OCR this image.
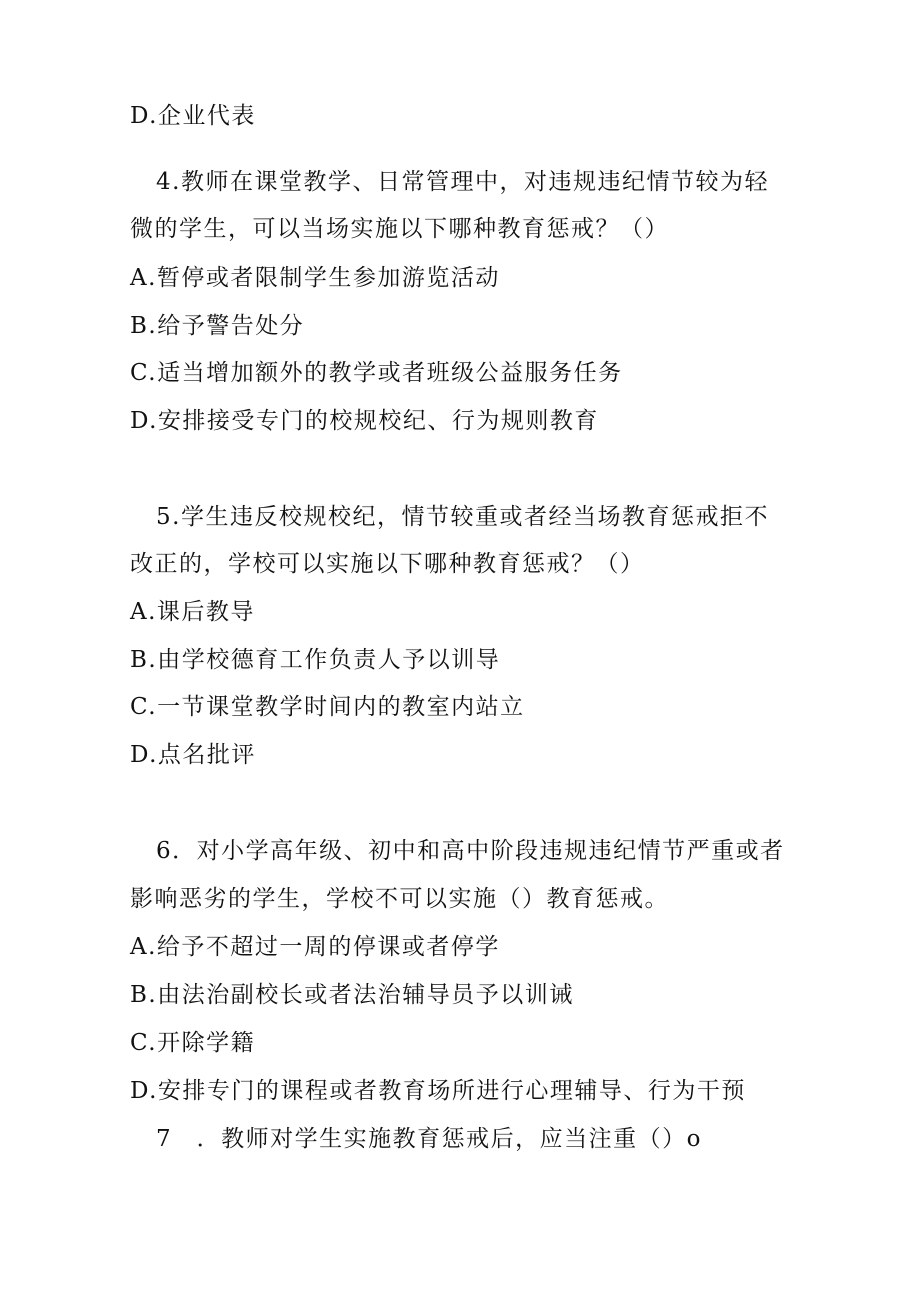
D.企业代表
4.教师在课堂教学、日常管理中，对违规违纪情节较为轻
微的学生，可以当场实施以下哪种教育惩戒？（）
A.暂停或者限制学生参加游览活动
B.给予警告处分
C.适当增加额外的教学或者班级公益服务任务
D.安排接受专门的校规校纪、行为规则教育
5.学生违反校规校纪，情节较重或者经当场教育惩戒拒不
改正的，学校可以实施以下哪种教育惩戒？（）
A.课后教导
B.由学校德育工作负责人予以训导
C.一节课堂教学时间内的教室内站立
D.点名批评
6．对小学高年级、初中和高中阶段违规违纪情节严重或者
影响恶劣的学生，学校不可以实施（）教育惩戒。
A.给予不超过一周的停课或者停学
B.由法治副校长或者法治辅导员予以训诫
C.开除学籍
D.安排专门的课程或者教育场所进行心理辅导、行为干预
7　．教师对学生实施教育惩戒后，应当注重（）o
